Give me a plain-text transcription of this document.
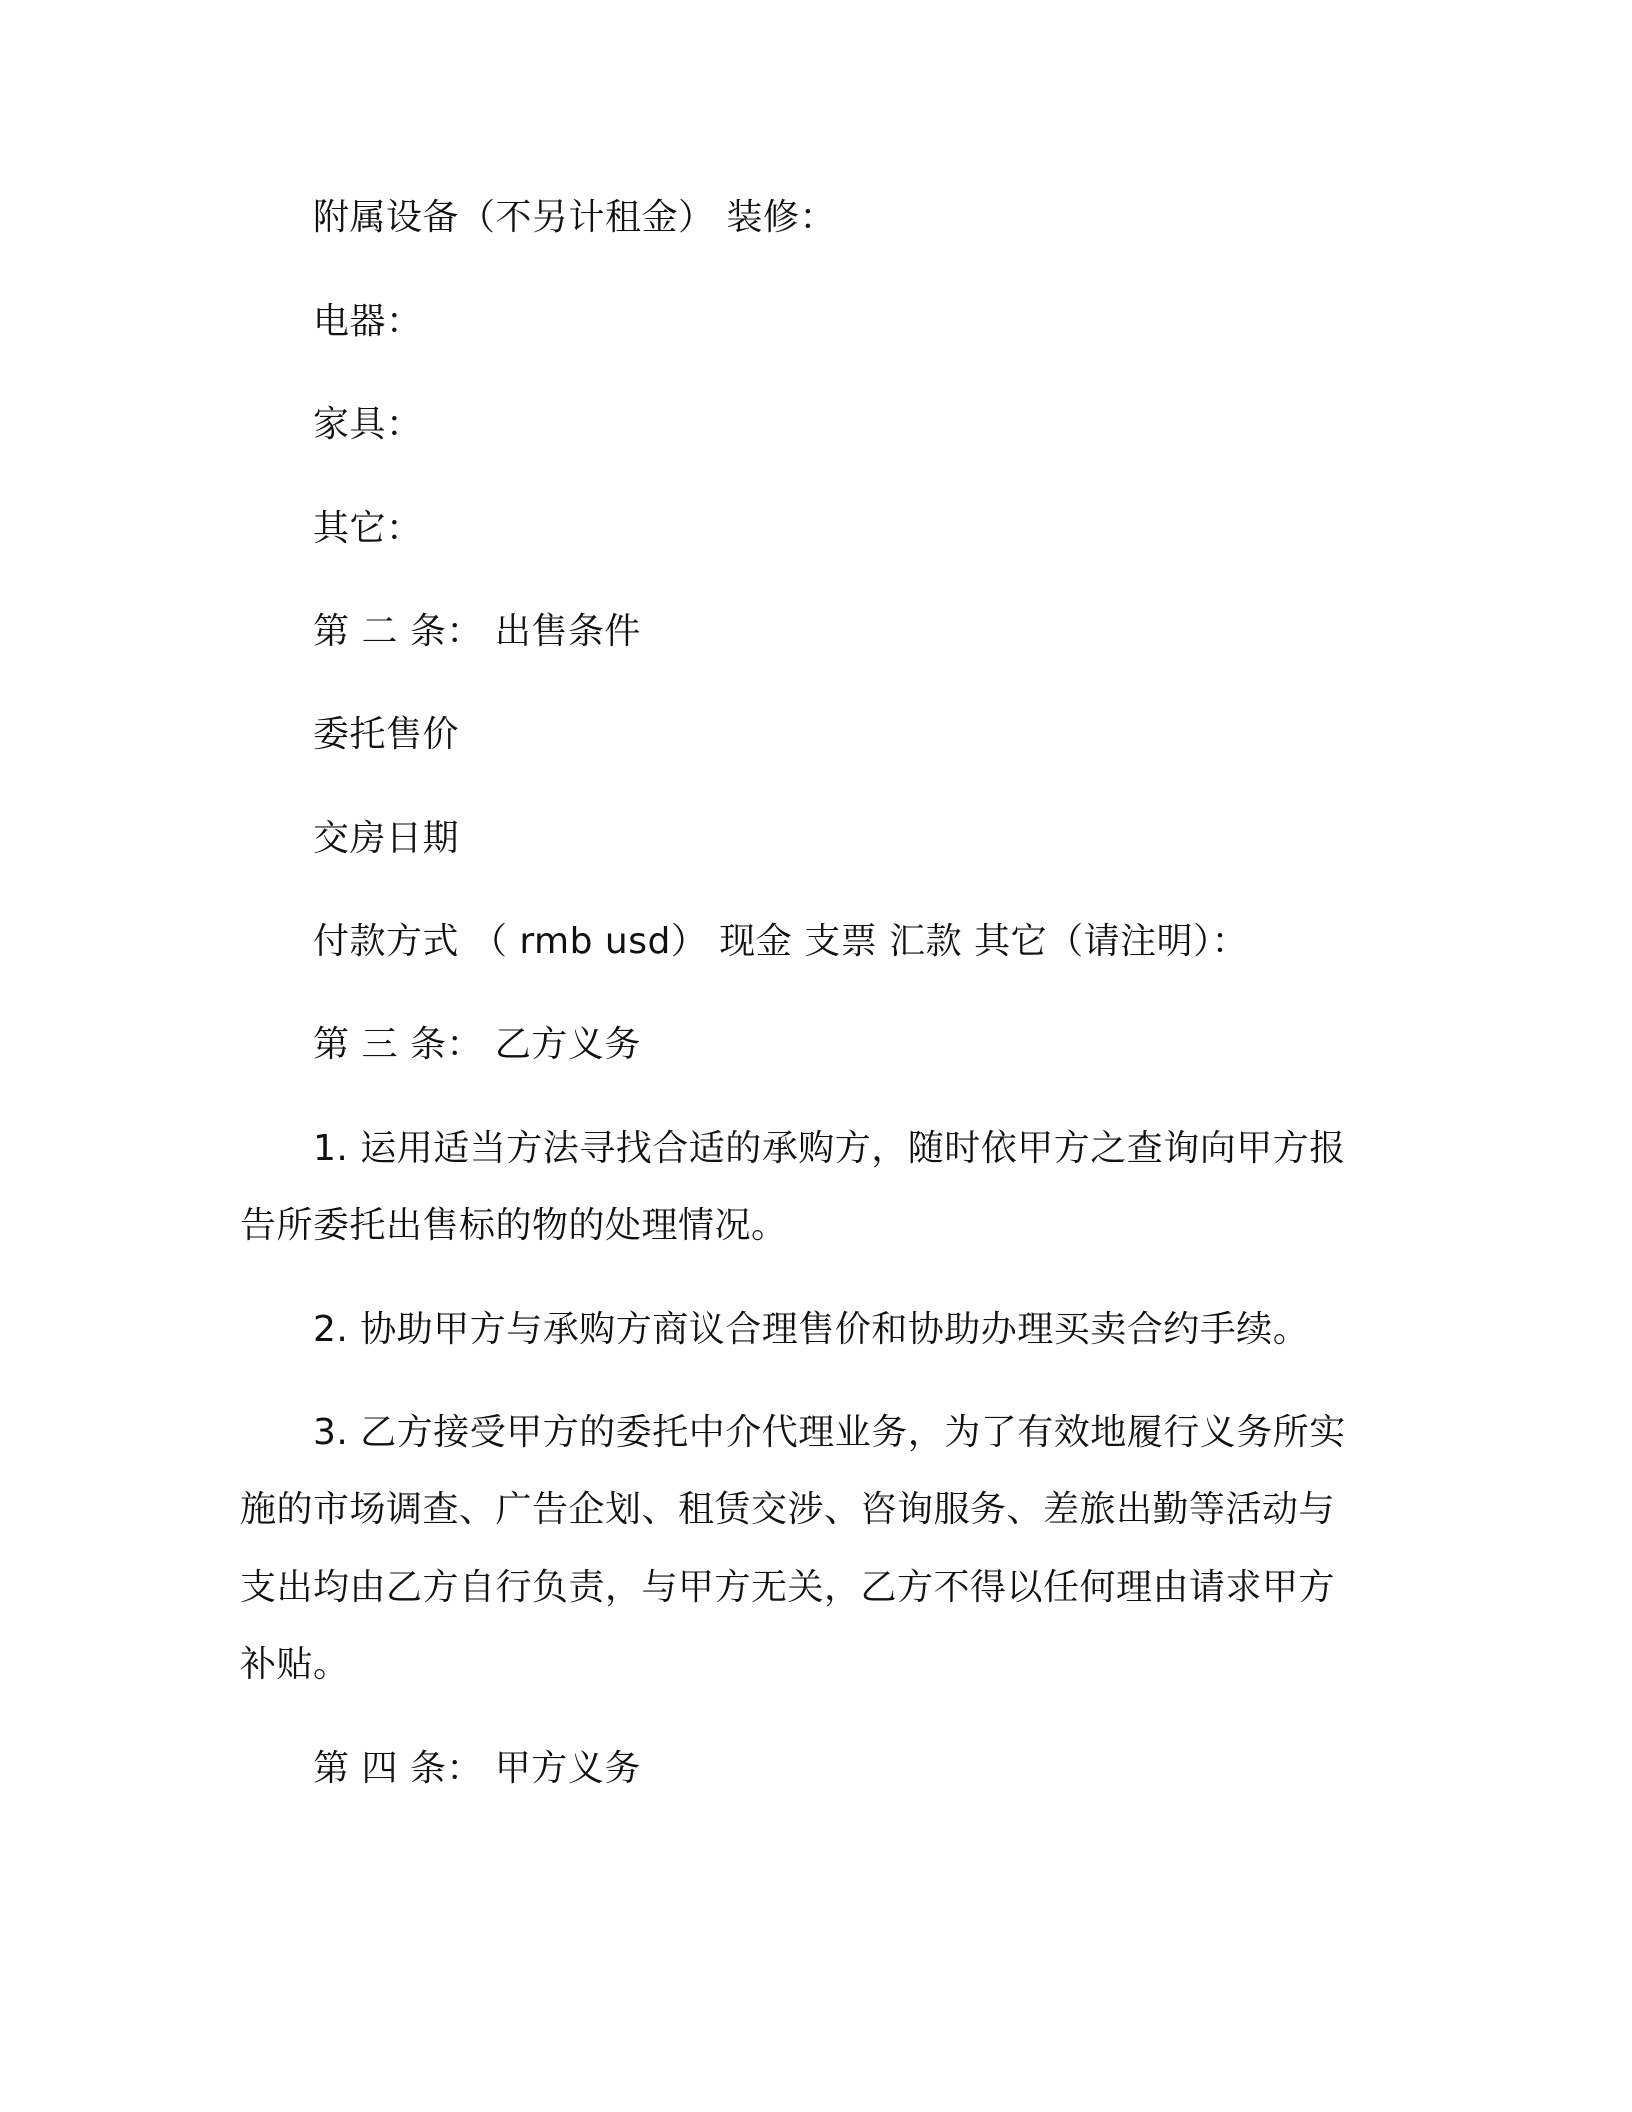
附属设备（不另计租金） 装修：
电器：
家具：
其它：
第 二 条： 出售条件
委托售价
交房日期
付款方式 （ rmb usd） 现金 支票 汇款 其它（请注明）：
第 三 条： 乙方义务
1. 运用适当方法寻找合适的承购方，随时依甲方之查询向甲方报
告所委托出售标的物的处理情况。
2. 协助甲方与承购方商议合理售价和协助办理买卖合约手续。
3. 乙方接受甲方的委托中介代理业务，为了有效地履行义务所实
施的市场调查、广告企划、租赁交涉、咨询服务、差旅出勤等活动与
支出均由乙方自行负责，与甲方无关，乙方不得以任何理由请求甲方
补贴。
第 四 条： 甲方义务
